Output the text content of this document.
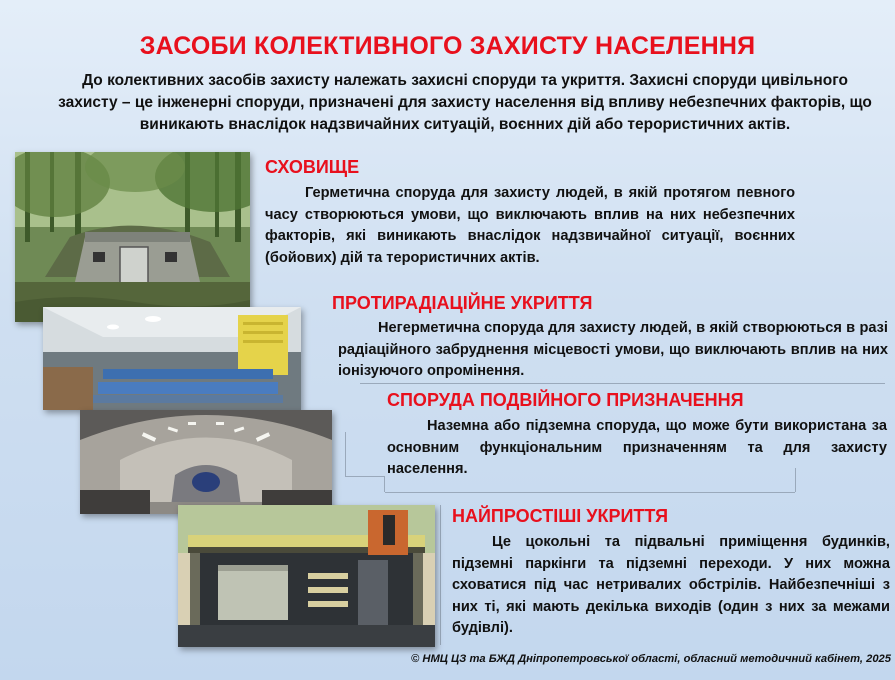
ЗАСОБИ КОЛЕКТИВНОГО ЗАХИСТУ НАСЕЛЕННЯ
До колективних засобів захисту належать захисні споруди та укриття. Захисні споруди цивільного
захисту – це інженерні споруди, призначені для захисту населення від впливу небезпечних факторів, що
виникають внаслідок надзвичайних ситуацій, воєнних дій або терористичних актів.
СХОВИЩЕ

Герметична споруда для захисту людей, в якій протягом певного часу створюються умови, що виключають вплив на них небезпечних факторів, які виникають внаслідок надзвичайної ситуації, воєнних (бойових) дій та терористичних актів.

ПРОТИРАДІАЦІЙНЕ УКРИТТЯ

Негерметична споруда для захисту людей, в якій створюються в разі радіаційного забруднення місцевості умови, що виключають вплив на них іонізуючого опромінення.

СПОРУДА ПОДВІЙНОГО ПРИЗНАЧЕННЯ

Наземна або підземна споруда, що може бути використана за основним функціональним призначенням та для захисту населення.

НАЙПРОСТІШІ УКРИТТЯ

Це цокольні та підвальні приміщення будинків, підземні паркінги та підземні переходи. У них можна сховатися під час нетривалих обстрілів. Найбезпечніші з них ті, які мають декілька виходів (один з них за межами будівлі).

© НМЦ ЦЗ та БЖД Дніпропетровської області, обласний методичний кабінет, 2025
